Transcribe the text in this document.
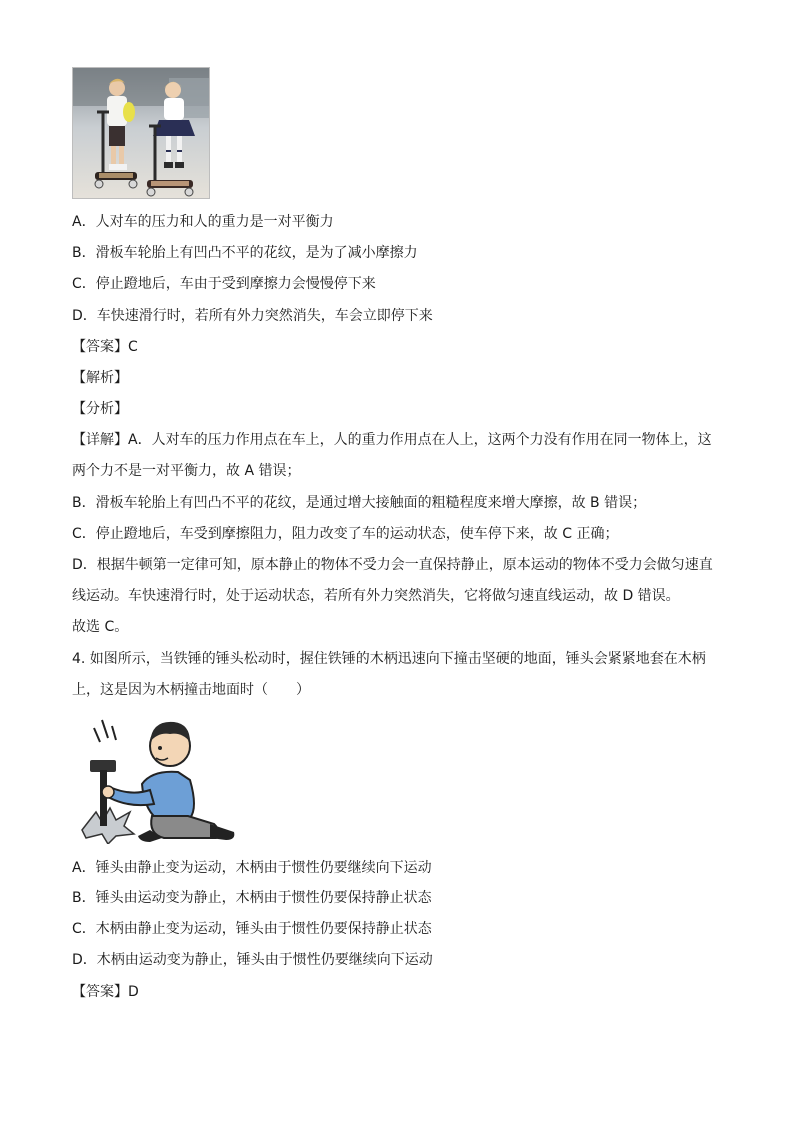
A．人对车的压力和人的重力是一对平衡力
B．滑板车轮胎上有凹凸不平的花纹，是为了减小摩擦力
C．停止蹬地后，车由于受到摩擦力会慢慢停下来
D．车快速滑行时，若所有外力突然消失，车会立即停下来
【答案】C
【解析】
【分析】
【详解】A．人对车的压力作用点在车上，人的重力作用点在人上，这两个力没有作用在同一物体上，这
两个力不是一对平衡力，故 A 错误；
B．滑板车轮胎上有凹凸不平的花纹，是通过增大接触面的粗糙程度来增大摩擦，故 B 错误；
C．停止蹬地后，车受到摩擦阻力，阻力改变了车的运动状态，使车停下来，故 C 正确；
D．根据牛顿第一定律可知，原本静止的物体不受力会一直保持静止，原本运动的物体不受力会做匀速直
线运动。车快速滑行时，处于运动状态，若所有外力突然消失，它将做匀速直线运动，故 D 错误。
故选 C。
4. 如图所示，当铁锤的锤头松动时，握住铁锤的木柄迅速向下撞击坚硬的地面，锤头会紧紧地套在木柄
上，这是因为木柄撞击地面时（　　）
A．锤头由静止变为运动，木柄由于惯性仍要继续向下运动
B．锤头由运动变为静止，木柄由于惯性仍要保持静止状态
C．木柄由静止变为运动，锤头由于惯性仍要保持静止状态
D．木柄由运动变为静止，锤头由于惯性仍要继续向下运动
【答案】D
